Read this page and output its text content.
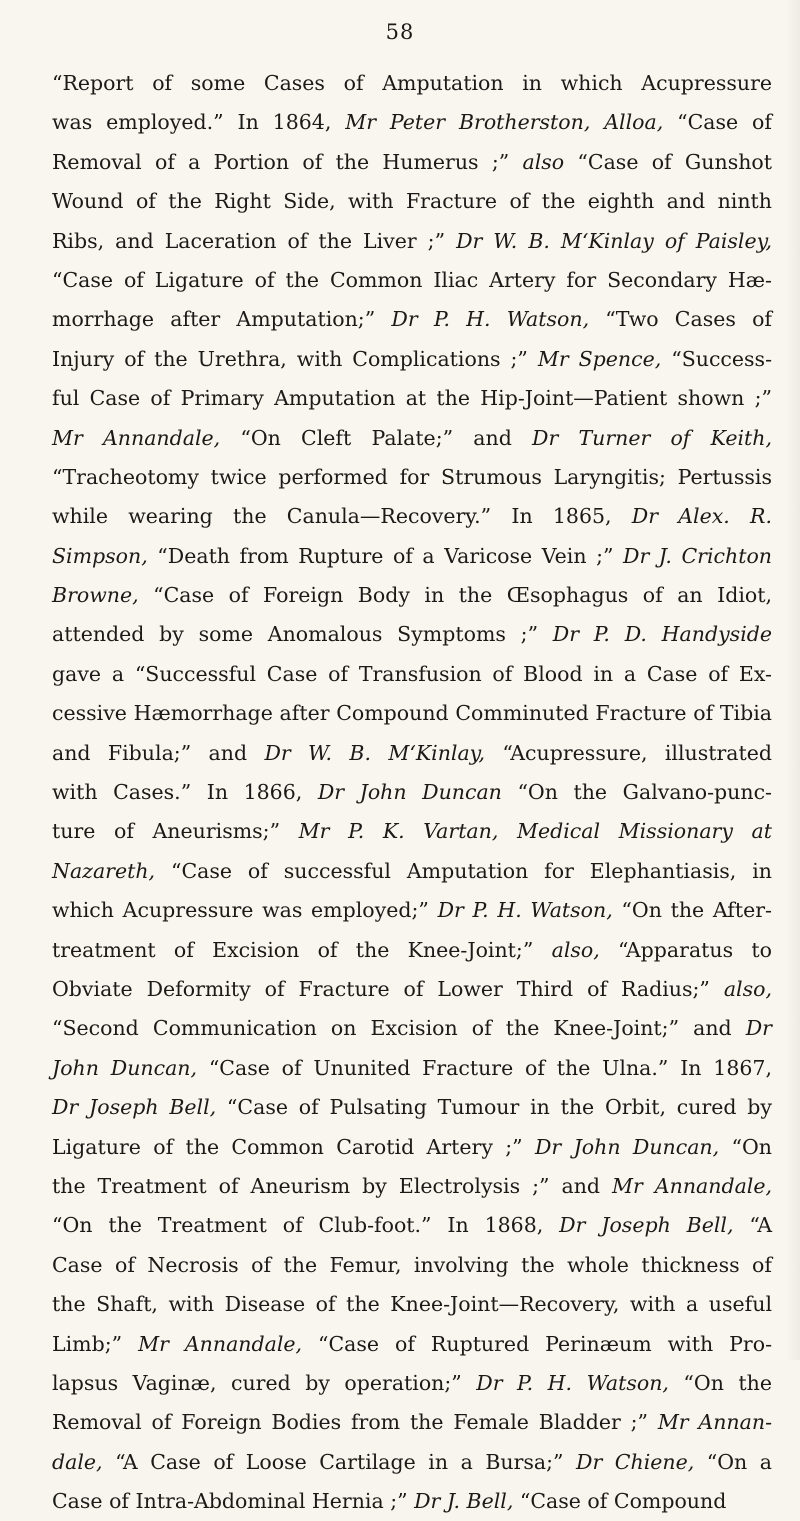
58
“Report of some Cases of Amputation in which Acupressure
was employed.” In 1864, Mr Peter Brotherston, Alloa, “Case of
Removal of a Portion of the Humerus ;” also “Case of Gunshot
Wound of the Right Side, with Fracture of the eighth and ninth
Ribs, and Laceration of the Liver ;” Dr W. B. M‘Kinlay of Paisley,
“Case of Ligature of the Common Iliac Artery for Secondary Hæ-
morrhage after Amputation;” Dr P. H. Watson, “Two Cases of
Injury of the Urethra, with Complications ;” Mr Spence, “Success-
ful Case of Primary Amputation at the Hip-Joint—Patient shown ;”
Mr Annandale, “On Cleft Palate;” and Dr Turner of Keith,
“Tracheotomy twice performed for Strumous Laryngitis; Pertussis
while wearing the Canula—Recovery.” In 1865, Dr Alex. R.
Simpson, “Death from Rupture of a Varicose Vein ;” Dr J. Crichton
Browne, “Case of Foreign Body in the Œsophagus of an Idiot,
attended by some Anomalous Symptoms ;” Dr P. D. Handyside
gave a “Successful Case of Transfusion of Blood in a Case of Ex-
cessive Hæmorrhage after Compound Comminuted Fracture of Tibia
and Fibula;” and Dr W. B. M‘Kinlay, “Acupressure, illustrated
with Cases.” In 1866, Dr John Duncan “On the Galvano-punc-
ture of Aneurisms;” Mr P. K. Vartan, Medical Missionary at
Nazareth, “Case of successful Amputation for Elephantiasis, in
which Acupressure was employed;” Dr P. H. Watson, “On the After-
treatment of Excision of the Knee-Joint;” also, “Apparatus to
Obviate Deformity of Fracture of Lower Third of Radius;” also,
“Second Communication on Excision of the Knee-Joint;” and Dr
John Duncan, “Case of Ununited Fracture of the Ulna.” In 1867,
Dr Joseph Bell, “Case of Pulsating Tumour in the Orbit, cured by
Ligature of the Common Carotid Artery ;” Dr John Duncan, “On
the Treatment of Aneurism by Electrolysis ;” and Mr Annandale,
“On the Treatment of Club-foot.” In 1868, Dr Joseph Bell, “A
Case of Necrosis of the Femur, involving the whole thickness of
the Shaft, with Disease of the Knee-Joint—Recovery, with a useful
Limb;” Mr Annandale, “Case of Ruptured Perinæum with Pro-
lapsus Vaginæ, cured by operation;” Dr P. H. Watson, “On the
Removal of Foreign Bodies from the Female Bladder ;” Mr Annan-
dale, “A Case of Loose Cartilage in a Bursa;” Dr Chiene, “On a
Case of Intra-Abdominal Hernia ;” Dr J. Bell, “Case of Compound
